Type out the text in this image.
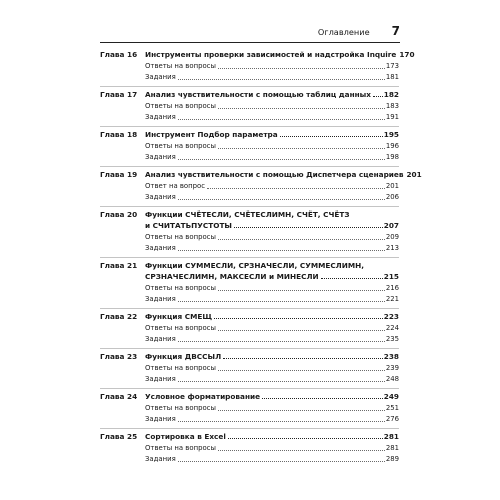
Оглавление 7
Глава 16	Инструменты проверки зависимостей и надстройка Inquire 170
Ответы на вопросы	173
Задания	181
Глава 17	Анализ чувствительности с помощью таблиц данных 182
Ответы на вопросы	183
Задания	191
Глава 18	Инструмент Подбор параметра	195
Ответы на вопросы	196
Задания	198
Глава 19	Анализ чувствительности с помощью Диспетчера сценариев 201
Ответ на вопрос	201
Задания	206
Глава 20	Функции СЧЁТЕСЛИ, СЧЁТЕСЛИМН, СЧЁТ, СЧЁТЗ
и СЧИТАТЬПУСТОТЫ	207
Ответы на вопросы	209
Задания	213
Глава 21	Функции СУММЕСЛИ, СРЗНАЧЕСЛИ, СУММЕСЛИМН,
СРЗНАЧЕСЛИМН, МАКСЕСЛИ и МИНЕСЛИ	215
Ответы на вопросы	216
Задания	221
Глава 22	Функция СМЕЩ	223
Ответы на вопросы	224
Задания	235
Глава 23	Функция ДВССЫЛ	238
Ответы на вопросы	239
Задания	248
Глава 24	Условное форматирование	249
Ответы на вопросы	251
Задания	276
Глава 25	Сортировка в Excel	281
Ответы на вопросы	281
Задания	289
